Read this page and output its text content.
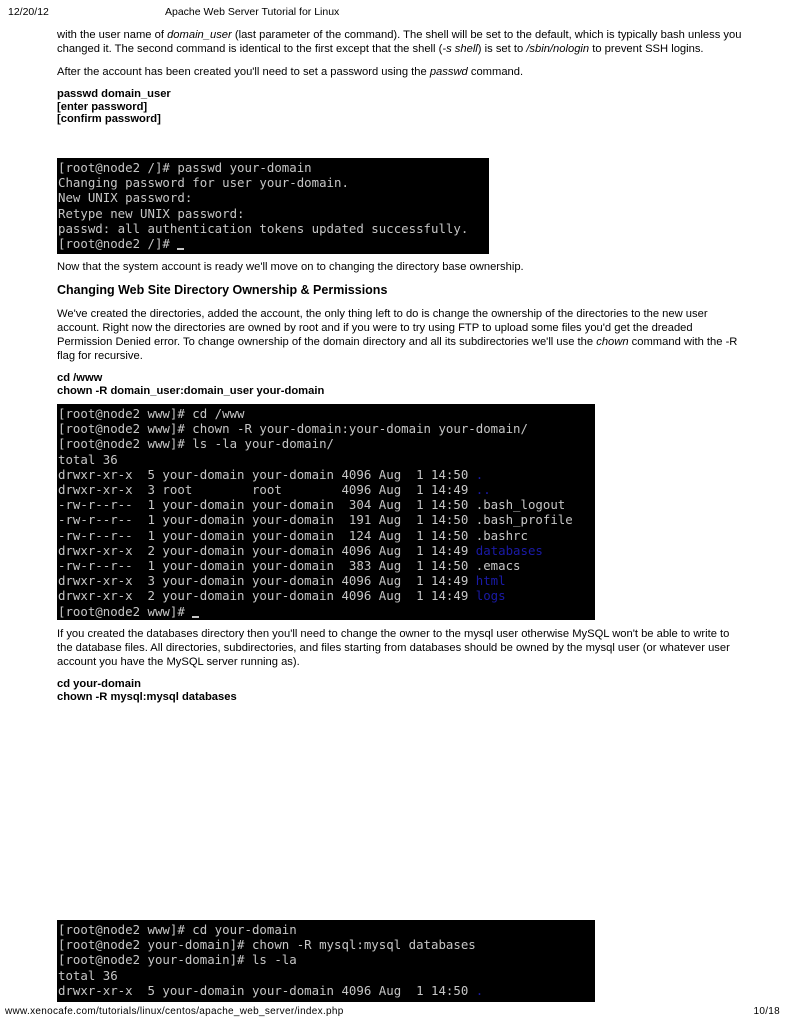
12/20/12	Apache Web Server Tutorial for Linux

with the user name of domain_user (last parameter of the command). The shell will be set to the default, which is typically bash unless you changed it. The second command is identical to the first except that the shell (-s shell) is set to /sbin/nologin to prevent SSH logins.

After the account has been created you'll need to set a password using the passwd command.

passwd domain_user
[enter password]
[confirm password]
[root@node2 /]# passwd your-domain
Changing password for user your-domain.
New UNIX password:
Retype new UNIX password:
passwd: all authentication tokens updated successfully.
[root@node2 /]#

Now that the system account is ready we'll move on to changing the directory base ownership.

Changing Web Site Directory Ownership & Permissions

We've created the directories, added the account, the only thing left to do is change the ownership of the directories to the new user account. Right now the directories are owned by root and if you were to try using FTP to upload some files you'd get the dreaded Permission Denied error. To change ownership of the domain directory and all its subdirectories we'll use the chown command with the -R flag for recursive.

cd /www
chown -R domain_user:domain_user your-domain
[root@node2 www]# cd /www
[root@node2 www]# chown -R your-domain:your-domain your-domain/
[root@node2 www]# ls -la your-domain/
total 36
drwxr-xr-x  5 your-domain your-domain 4096 Aug  1 14:50 .
drwxr-xr-x  3 root        root        4096 Aug  1 14:49 ..
-rw-r--r--  1 your-domain your-domain  304 Aug  1 14:50 .bash_logout
-rw-r--r--  1 your-domain your-domain  191 Aug  1 14:50 .bash_profile
-rw-r--r--  1 your-domain your-domain  124 Aug  1 14:50 .bashrc
drwxr-xr-x  2 your-domain your-domain 4096 Aug  1 14:49 databases
-rw-r--r--  1 your-domain your-domain  383 Aug  1 14:50 .emacs
drwxr-xr-x  3 your-domain your-domain 4096 Aug  1 14:49 html
drwxr-xr-x  2 your-domain your-domain 4096 Aug  1 14:49 logs
[root@node2 www]#

If you created the databases directory then you'll need to change the owner to the mysql user otherwise MySQL won't be able to write to the database files. All directories, subdirectories, and files starting from databases should be owned by the mysql user (or whatever user account you have the MySQL server running as).

cd your-domain
chown -R mysql:mysql databases
[root@node2 www]# cd your-domain
[root@node2 your-domain]# chown -R mysql:mysql databases
[root@node2 your-domain]# ls -la
total 36
drwxr-xr-x  5 your-domain your-domain 4096 Aug  1 14:50 .
www.xenocafe.com/tutorials/linux/centos/apache_web_server/index.php	10/18
